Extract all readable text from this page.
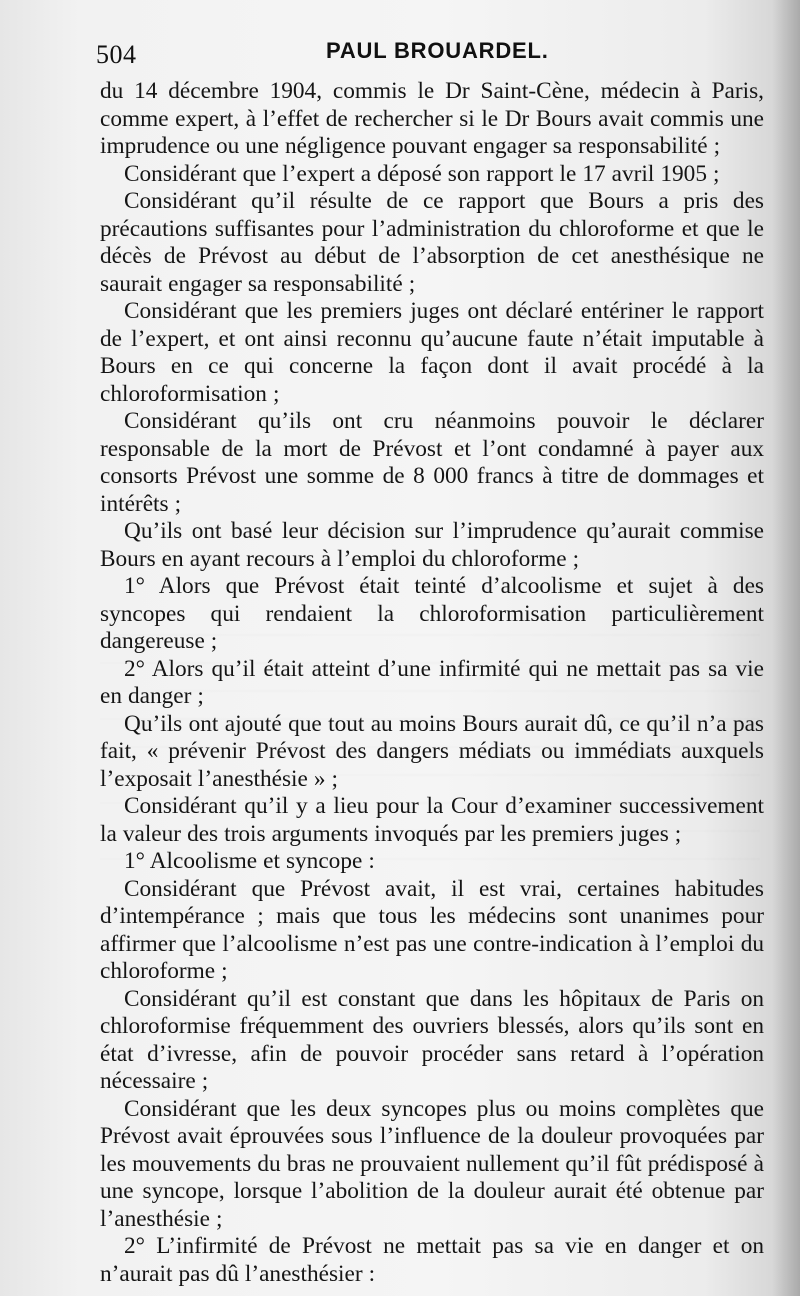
504	PAUL BROUARDEL.

du 14 décembre 1904, commis le Dr Saint-Cène, médecin à Paris, comme expert, à l’effet de rechercher si le Dr Bours avait commis une imprudence ou une négligence pouvant engager sa responsabilité ;

Considérant que l’expert a déposé son rapport le 17 avril 1905 ;

Considérant qu’il résulte de ce rapport que Bours a pris des précautions suffisantes pour l’administration du chloroforme et que le décès de Prévost au début de l’absorption de cet anesthésique ne saurait engager sa responsabilité ;

Considérant que les premiers juges ont déclaré entériner le rapport de l’expert, et ont ainsi reconnu qu’aucune faute n’était imputable à Bours en ce qui concerne la façon dont il avait procédé à la chloroformisation ;

Considérant qu’ils ont cru néanmoins pouvoir le déclarer responsable de la mort de Prévost et l’ont condamné à payer aux consorts Prévost une somme de 8 000 francs à titre de dommages et intérêts ;

Qu’ils ont basé leur décision sur l’imprudence qu’aurait commise Bours en ayant recours à l’emploi du chloroforme ;

1° Alors que Prévost était teinté d’alcoolisme et sujet à des syncopes qui rendaient la chloroformisation particulièrement dangereuse ;

2° Alors qu’il était atteint d’une infirmité qui ne mettait pas sa vie en danger ;

Qu’ils ont ajouté que tout au moins Bours aurait dû, ce qu’il n’a pas fait, « prévenir Prévost des dangers médiats ou immédiats auxquels l’exposait l’anesthésie » ;

Considérant qu’il y a lieu pour la Cour d’examiner successivement la valeur des trois arguments invoqués par les premiers juges ;

1° Alcoolisme et syncope :

Considérant que Prévost avait, il est vrai, certaines habitudes d’intempérance ; mais que tous les médecins sont unanimes pour affirmer que l’alcoolisme n’est pas une contre-indication à l’emploi du chloroforme ;

Considérant qu’il est constant que dans les hôpitaux de Paris on chloroformise fréquemment des ouvriers blessés, alors qu’ils sont en état d’ivresse, afin de pouvoir procéder sans retard à l’opération nécessaire ;

Considérant que les deux syncopes plus ou moins complètes que Prévost avait éprouvées sous l’influence de la douleur provoquées par les mouvements du bras ne prouvaient nullement qu’il fût prédisposé à une syncope, lorsque l’abolition de la douleur aurait été obtenue par l’anesthésie ;

2° L’infirmité de Prévost ne mettait pas sa vie en danger et on n’aurait pas dû l’anesthésier :
